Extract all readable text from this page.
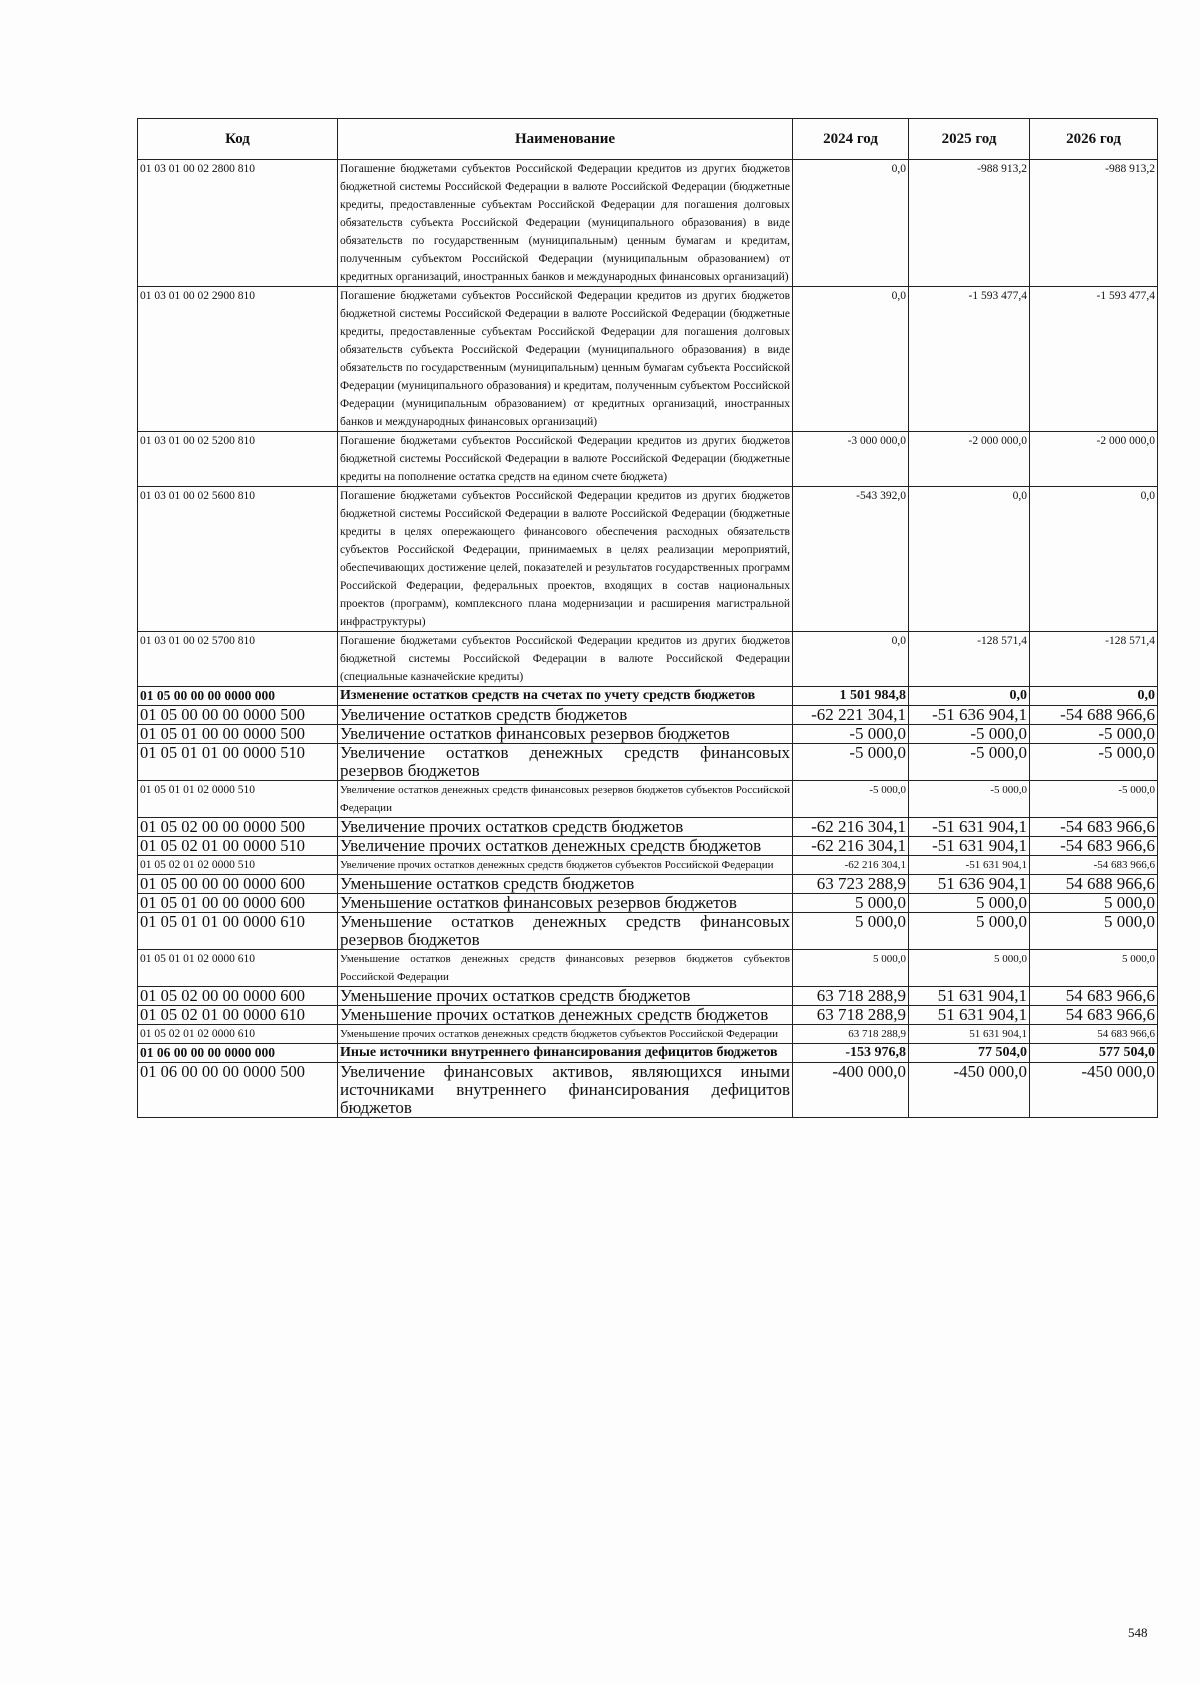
Код	Наименование	2024 год	2025 год	2026 год
01 03 01 00 02 2800 810	Погашение бюджетами субъектов Российской Федерации кредитов из других бюджетов бюджетной системы Российской Федерации в валюте Российской Федерации (бюджетные кредиты, предоставленные субъектам Российской Федерации для погашения долговых обязательств субъекта Российской Федерации (муниципального образования) в виде обязательств по государственным (муниципальным) ценным бумагам и кредитам, полученным субъектом Российской Федерации (муниципальным образованием) от кредитных организаций, иностранных банков и международных финансовых организаций)	0,0	-988 913,2	-988 913,2
01 03 01 00 02 2900 810	Погашение бюджетами субъектов Российской Федерации кредитов из других бюджетов бюджетной системы Российской Федерации в валюте Российской Федерации (бюджетные кредиты, предоставленные субъектам Российской Федерации для погашения долговых обязательств субъекта Российской Федерации (муниципального образования) в виде обязательств по государственным (муниципальным) ценным бумагам субъекта Российской Федерации (муниципального образования) и кредитам, полученным субъектом Российской Федерации (муниципальным образованием) от кредитных организаций, иностранных банков и международных финансовых организаций)	0,0	-1 593 477,4	-1 593 477,4
01 03 01 00 02 5200 810	Погашение бюджетами субъектов Российской Федерации кредитов из других бюджетов бюджетной системы Российской Федерации в валюте Российской Федерации (бюджетные кредиты на пополнение остатка средств на едином счете бюджета)	-3 000 000,0	-2 000 000,0	-2 000 000,0
01 03 01 00 02 5600 810	Погашение бюджетами субъектов Российской Федерации кредитов из других бюджетов бюджетной системы Российской Федерации в валюте Российской Федерации (бюджетные кредиты в целях опережающего финансового обеспечения расходных обязательств субъектов Российской Федерации, принимаемых в целях реализации мероприятий, обеспечивающих достижение целей, показателей и результатов государственных программ Российской Федерации, федеральных проектов, входящих в состав национальных проектов (программ), комплексного плана модернизации и расширения магистральной инфраструктуры)	-543 392,0	0,0	0,0
01 03 01 00 02 5700 810	Погашение бюджетами субъектов Российской Федерации кредитов из других бюджетов бюджетной системы Российской Федерации в валюте Российской Федерации (специальные казначейские кредиты)	0,0	-128 571,4	-128 571,4
01 05 00 00 00 0000 000	Изменение остатков средств на счетах по учету средств бюджетов	1 501 984,8	0,0	0,0
01 05 00 00 00 0000 500	Увеличение остатков средств бюджетов	-62 221 304,1	-51 636 904,1	-54 688 966,6
01 05 01 00 00 0000 500	Увеличение остатков финансовых резервов бюджетов	-5 000,0	-5 000,0	-5 000,0
01 05 01 01 00 0000 510	Увеличение остатков денежных средств финансовых резервов бюджетов	-5 000,0	-5 000,0	-5 000,0
01 05 01 01 02 0000 510	Увеличение остатков денежных средств финансовых резервов бюджетов субъектов Российской Федерации	-5 000,0	-5 000,0	-5 000,0
01 05 02 00 00 0000 500	Увеличение прочих остатков средств бюджетов	-62 216 304,1	-51 631 904,1	-54 683 966,6
01 05 02 01 00 0000 510	Увеличение прочих остатков денежных средств бюджетов	-62 216 304,1	-51 631 904,1	-54 683 966,6
01 05 02 01 02 0000 510	Увеличение прочих остатков денежных средств бюджетов субъектов Российской Федерации	-62 216 304,1	-51 631 904,1	-54 683 966,6
01 05 00 00 00 0000 600	Уменьшение остатков средств бюджетов	63 723 288,9	51 636 904,1	54 688 966,6
01 05 01 00 00 0000 600	Уменьшение остатков финансовых резервов бюджетов	5 000,0	5 000,0	5 000,0
01 05 01 01 00 0000 610	Уменьшение остатков денежных средств финансовых резервов бюджетов	5 000,0	5 000,0	5 000,0
01 05 01 01 02 0000 610	Уменьшение остатков денежных средств финансовых резервов бюджетов субъектов Российской Федерации	5 000,0	5 000,0	5 000,0
01 05 02 00 00 0000 600	Уменьшение прочих остатков средств бюджетов	63 718 288,9	51 631 904,1	54 683 966,6
01 05 02 01 00 0000 610	Уменьшение прочих остатков денежных средств бюджетов	63 718 288,9	51 631 904,1	54 683 966,6
01 05 02 01 02 0000 610	Уменьшение прочих остатков денежных средств бюджетов субъектов Российской Федерации	63 718 288,9	51 631 904,1	54 683 966,6
01 06 00 00 00 0000 000	Иные источники внутреннего финансирования дефицитов бюджетов	-153 976,8	77 504,0	577 504,0
01 06 00 00 00 0000 500	Увеличение финансовых активов, являющихся иными источниками внутреннего финансирования дефицитов бюджетов	-400 000,0	-450 000,0	-450 000,0
548
